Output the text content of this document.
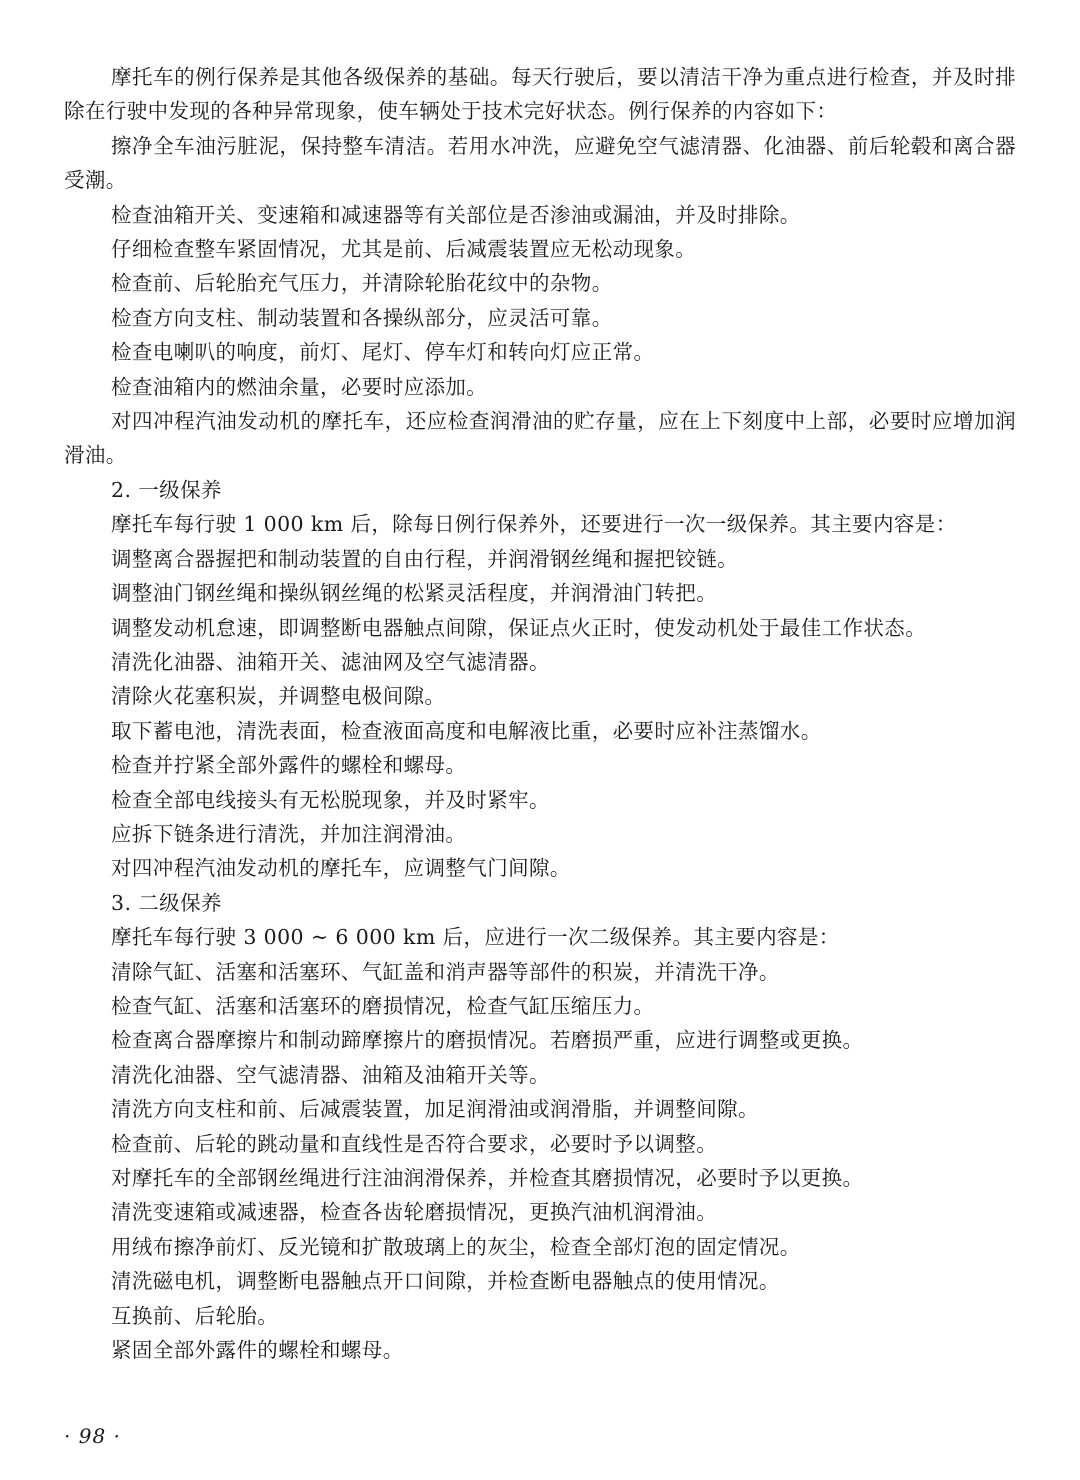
摩托车的例行保养是其他各级保养的基础。每天行驶后，要以清洁干净为重点进行检查，并及时排除在行驶中发现的各种异常现象，使车辆处于技术完好状态。例行保养的内容如下：

擦净全车油污脏泥，保持整车清洁。若用水冲洗，应避免空气滤清器、化油器、前后轮毂和离合器受潮。

检查油箱开关、变速箱和减速器等有关部位是否渗油或漏油，并及时排除。

仔细检查整车紧固情况，尤其是前、后减震装置应无松动现象。

检查前、后轮胎充气压力，并清除轮胎花纹中的杂物。

检查方向支柱、制动装置和各操纵部分，应灵活可靠。

检查电喇叭的响度，前灯、尾灯、停车灯和转向灯应正常。

检查油箱内的燃油余量，必要时应添加。

对四冲程汽油发动机的摩托车，还应检查润滑油的贮存量，应在上下刻度中上部，必要时应增加润滑油。

2. 一级保养

摩托车每行驶 1 000 km 后，除每日例行保养外，还要进行一次一级保养。其主要内容是：

调整离合器握把和制动装置的自由行程，并润滑钢丝绳和握把铰链。

调整油门钢丝绳和操纵钢丝绳的松紧灵活程度，并润滑油门转把。

调整发动机怠速，即调整断电器触点间隙，保证点火正时，使发动机处于最佳工作状态。

清洗化油器、油箱开关、滤油网及空气滤清器。

清除火花塞积炭，并调整电极间隙。

取下蓄电池，清洗表面，检查液面高度和电解液比重，必要时应补注蒸馏水。

检查并拧紧全部外露件的螺栓和螺母。

检查全部电线接头有无松脱现象，并及时紧牢。

应拆下链条进行清洗，并加注润滑油。

对四冲程汽油发动机的摩托车，应调整气门间隙。

3. 二级保养

摩托车每行驶 3 000 ~ 6 000 km 后，应进行一次二级保养。其主要内容是：

清除气缸、活塞和活塞环、气缸盖和消声器等部件的积炭，并清洗干净。

检查气缸、活塞和活塞环的磨损情况，检查气缸压缩压力。

检查离合器摩擦片和制动蹄摩擦片的磨损情况。若磨损严重，应进行调整或更换。

清洗化油器、空气滤清器、油箱及油箱开关等。

清洗方向支柱和前、后减震装置，加足润滑油或润滑脂，并调整间隙。

检查前、后轮的跳动量和直线性是否符合要求，必要时予以调整。

对摩托车的全部钢丝绳进行注油润滑保养，并检查其磨损情况，必要时予以更换。

清洗变速箱或减速器，检查各齿轮磨损情况，更换汽油机润滑油。

用绒布擦净前灯、反光镜和扩散玻璃上的灰尘，检查全部灯泡的固定情况。

清洗磁电机，调整断电器触点开口间隙，并检查断电器触点的使用情况。

互换前、后轮胎。

紧固全部外露件的螺栓和螺母。

· 98 ·
